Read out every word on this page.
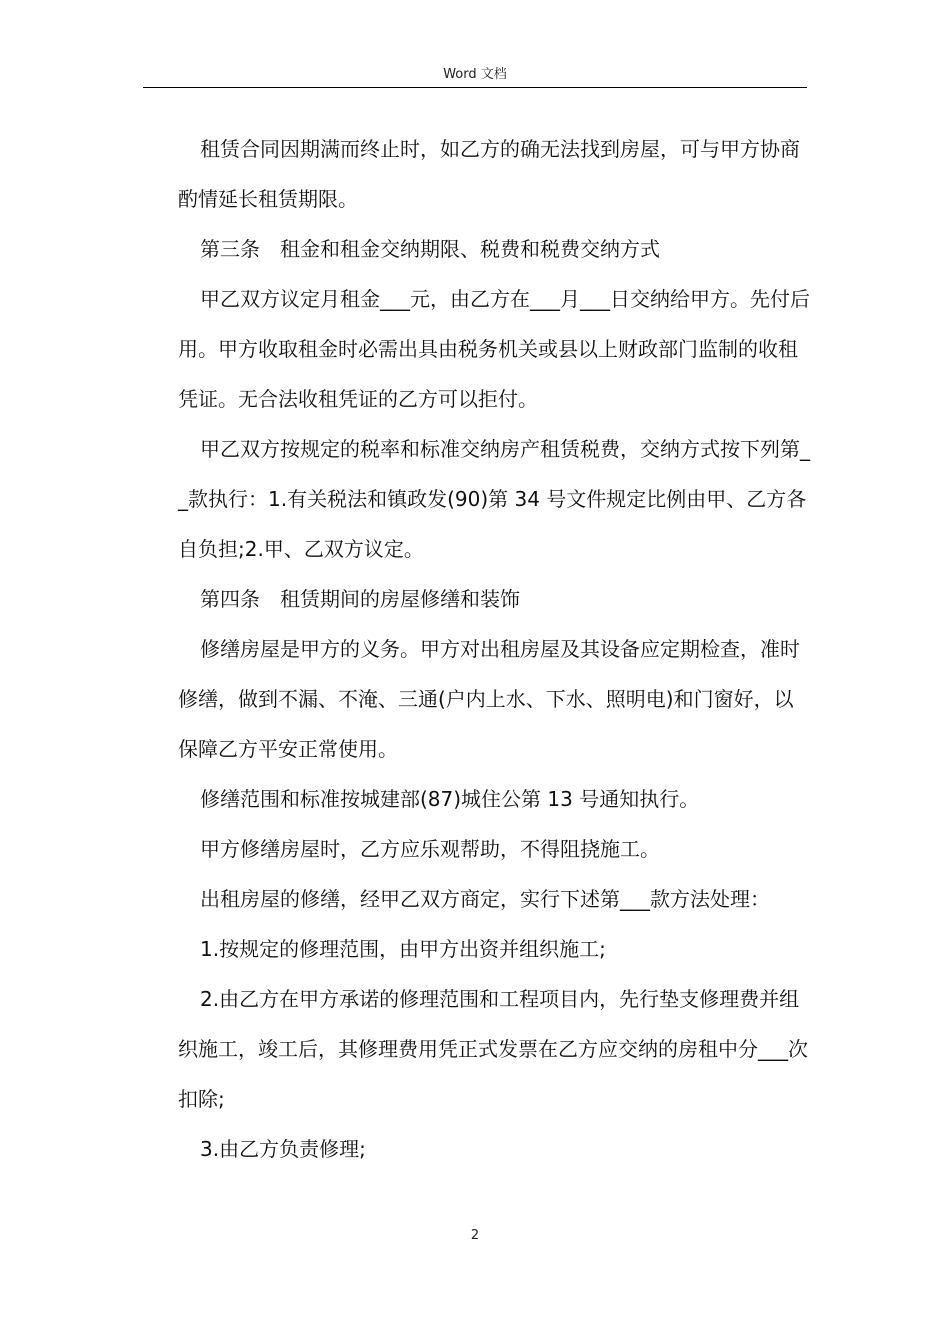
Word 文档

租赁合同因期满而终止时，如乙方的确无法找到房屋，可与甲方协商酌情延长租赁期限。

第三条　租金和租金交纳期限、税费和税费交纳方式

甲乙双方议定月租金___元，由乙方在___月___日交纳给甲方。先付后用。甲方收取租金时必需出具由税务机关或县以上财政部门监制的收租凭证。无合法收租凭证的乙方可以拒付。

甲乙双方按规定的税率和标准交纳房产租赁税费，交纳方式按下列第__款执行：1.有关税法和镇政发(90)第 34 号文件规定比例由甲、乙方各自负担;2.甲、乙双方议定。

第四条　租赁期间的房屋修缮和装饰

修缮房屋是甲方的义务。甲方对出租房屋及其设备应定期检查，准时修缮，做到不漏、不淹、三通(户内上水、下水、照明电)和门窗好，以保障乙方平安正常使用。

修缮范围和标准按城建部(87)城住公第 13 号通知执行。

甲方修缮房屋时，乙方应乐观帮助，不得阻挠施工。

出租房屋的修缮，经甲乙双方商定，实行下述第___款方法处理：

1.按规定的修理范围，由甲方出资并组织施工;

2.由乙方在甲方承诺的修理范围和工程项目内，先行垫支修理费并组织施工，竣工后，其修理费用凭正式发票在乙方应交纳的房租中分___次扣除;

3.由乙方负责修理;

2
